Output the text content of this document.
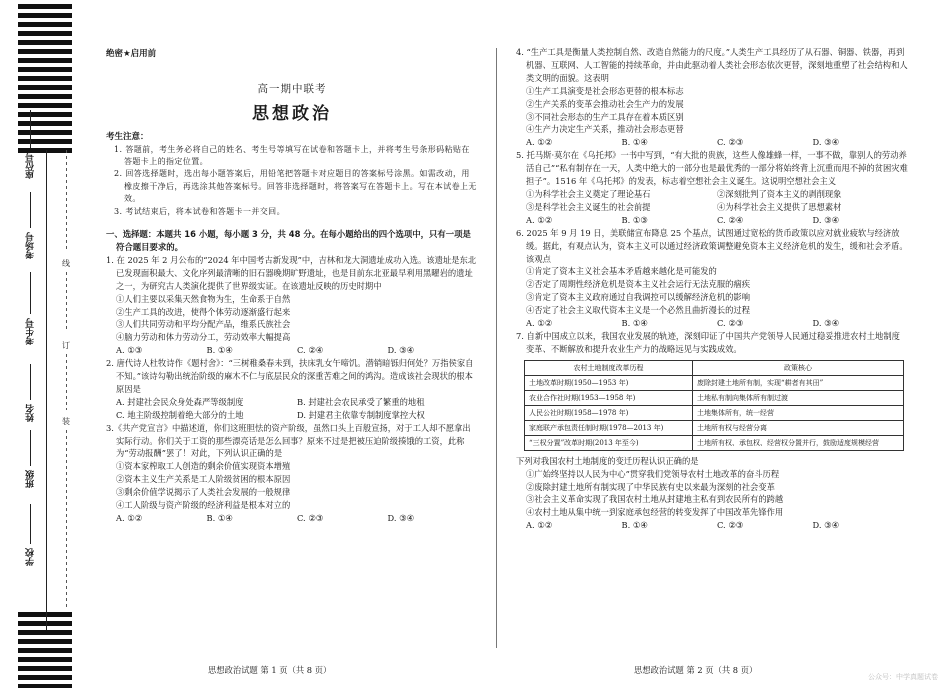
座位号
考场号
考生号
姓名
班级
学校
线
订
装
绝密★启用前
高一期中联考
思想政治
考生注意：
1. 答题前，考生务必将自己的姓名、考生号等填写在试卷和答题卡上，并将考生号条形码粘贴在答题卡上的指定位置。
2. 回答选择题时，选出每小题答案后，用铅笔把答题卡对应题目的答案标号涂黑。如需改动，用橡皮擦干净后，再选涂其他答案标号。回答非选择题时，将答案写在答题卡上。写在本试卷上无效。
3. 考试结束后，将本试卷和答题卡一并交回。
一、选择题：本题共 16 小题，每小题 3 分，共 48 分。在每小题给出的四个选项中，只有一项是符合题目要求的。
1. 在 2025 年 2 月公布的“2024 年中国考古新发现”中，吉林和龙大洞遗址成功入选。该遗址是东北已发现面积最大、文化序列最清晰的旧石器晚期旷野遗址，也是目前东北亚最早利用黑曜岩的遗址之一，为研究古人类演化提供了世界级实证。在该遗址反映的历史时期中
①人们主要以采集天然食物为生，生命系于自然
②生产工具的改进，使得个体劳动逐渐盛行起来
③人们共同劳动和平均分配产品，维系氏族社会
④脑力劳动和体力劳动分工，劳动效率大幅提高
A. ①③	B. ①④	C. ②④	D. ③④
2. 唐代诗人杜牧诗作《题村舍》：“三树稚桑春未到，扶床乳女午啼饥。潜销暗铄归何处？万指侯家自不知。”该诗勾勒出统治阶级的麻木不仁与底层民众的深重苦难之间的鸿沟。造成该社会现状的根本原因是
A. 封建社会民众身处森严等级制度	B. 封建社会农民承受了繁重的地租
C. 地主阶级控制着绝大部分的土地	D. 封建君主依靠专制制度掌控大权
3.《共产党宣言》中描述道，你们这班胆怯的资产阶级，虽然口头上百般宣扬，对于工人却不愿拿出实际行动。你们关于工资的那些漂亮话是怎么回事？原来不过是把被压迫阶级揍饿的工资，此称为“劳动报酬”罢了！对此，下列认识正确的是
①资本家榨取工人创造的剩余价值实现资本增殖
②资本主义生产关系是工人阶级贫困的根本原因
③剩余价值学说揭示了人类社会发展的一般规律
④工人阶级与资产阶级的经济利益是根本对立的
A. ①②	B. ①④	C. ②③	D. ③④
思想政治试题 第 1 页（共 8 页）
4. “生产工具是衡量人类控制自然、改造自然能力的尺度。”人类生产工具经历了从石器、铜器、铁器，再到机器、互联网、人工智能的持续革命，并由此驱动着人类社会形态依次更替，深刻地重塑了社会结构和人类文明的面貌。这表明
①生产工具演变是社会形态更替的根本标志
②生产关系的变革会推动社会生产力的发展
③不同社会形态的生产工具存在着本质区别
④生产力决定生产关系，推动社会形态更替
A. ①②	B. ①④	C. ②③	D. ③④
5. 托马斯·莫尔在《乌托邦》一书中写到，“有大批的贵族，这些人像雄蜂一样，一事不做，靠别人的劳动养活自己”“私有制存在一天，人类中绝大的一部分也是最优秀的一部分将始终背上沉重而甩不掉的贫困灾难担子”。1516 年《乌托邦》的发表，标志着空想社会主义诞生。这说明空想社会主义
①为科学社会主义奠定了理论基石	②深刻批判了资本主义的剥削现象
③是科学社会主义诞生的社会前提	④为科学社会主义提供了思想素材
A. ①②	B. ①③	C. ②④	D. ③④
6. 2025 年 9 月 19 日，美联储宣布降息 25 个基点，试图通过宽松的货币政策以应对就业疲软与经济放缓。据此，有观点认为，资本主义可以通过经济政策调整避免资本主义经济危机的发生，缓和社会矛盾。该观点
①肯定了资本主义社会基本矛盾越来越化是可能发的
②否定了周期性经济危机是资本主义社会运行无法克服的痼疾
③肯定了资本主义政府通过自我调控可以缓解经济危机的影响
④否定了社会主义取代资本主义是一个必然且曲折漫长的过程
A. ①②	B. ①④	C. ②③	D. ③④
7. 自新中国成立以来，我国农业发展的轨迹，深刻印证了中国共产党领导人民通过稳妥推进农村土地制度变革、不断解放和提升农业生产力的战略远见与实践成效。
农村土地制度改革历程	政策核心
土地改革时期(1950—1953 年)	废除封建土地所有制，实现“耕者有其田”
农业合作社时期(1953—1958 年)	土地私有制向集体所有制过渡
人民公社时期(1958—1978 年)	土地集体所有，统一经营
家庭联产承包责任制时期(1978—2013 年)	土地所有权与经营分离
“三权分置”改革时期(2013 年至今)	土地所有权、承包权、经营权分置并行，鼓励适度规模经营
下列对我国农村土地制度的变迁历程认识正确的是
①广始终坚持以人民为中心”贯穿我们党领导农村土地改革的奋斗历程
②废除封建土地所有制实现了中华民族有史以来最为深刻的社会变革
③社会主义革命实现了我国农村土地从封建地主私有到农民所有的跨越
④农村土地从集中统一到家庭承包经营的转变发挥了中国改革先锋作用
A. ①②	B. ①④	C. ②③	D. ③④
思想政治试题 第 2 页（共 8 页）
公众号：中学真题试卷
